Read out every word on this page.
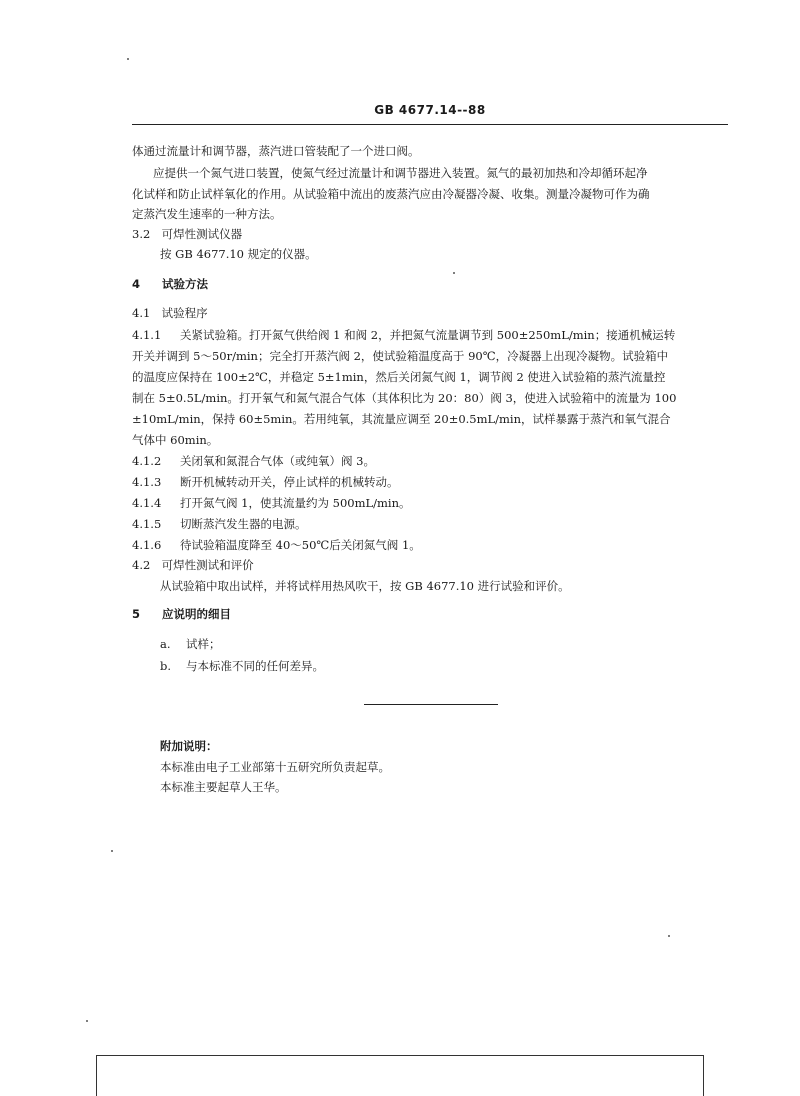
GB 4677.14--88
体通过流量计和调节器，蒸汽进口管装配了一个进口阀。
应提供一个氮气进口装置，使氮气经过流量计和调节器进入装置。氮气的最初加热和冷却循环起净
化试样和防止试样氧化的作用。从试验箱中流出的废蒸汽应由冷凝器冷凝、收集。测量冷凝物可作为确
定蒸汽发生速率的一种方法。
3.2 可焊性测试仪器
按 GB 4677.10 规定的仪器。
4 试验方法
4.1 试验程序
4.1.1 关紧试验箱。打开氮气供给阀 1 和阀 2，并把氮气流量调节到 500±250mL/min；接通机械运转
开关并调到 5～50r/min；完全打开蒸汽阀 2，使试验箱温度高于 90℃，冷凝器上出现冷凝物。试验箱中
的温度应保持在 100±2℃，并稳定 5±1min，然后关闭氮气阀 1，调节阀 2 使进入试验箱的蒸汽流量控
制在 5±0.5L/min。打开氧气和氮气混合气体（其体积比为 20：80）阀 3，使进入试验箱中的流量为 100
±10mL/min，保持 60±5min。若用纯氧，其流量应调至 20±0.5mL/min，试样暴露于蒸汽和氧气混合
气体中 60min。
4.1.2 关闭氧和氮混合气体（或纯氧）阀 3。
4.1.3 断开机械转动开关，停止试样的机械转动。
4.1.4 打开氮气阀 1，使其流量约为 500mL/min。
4.1.5 切断蒸汽发生器的电源。
4.1.6 待试验箱温度降至 40～50℃后关闭氮气阀 1。
4.2 可焊性测试和评价
从试验箱中取出试样，并将试样用热风吹干，按 GB 4677.10 进行试验和评价。
5 应说明的细目
a. 试样；
b. 与本标准不同的任何差异。
附加说明：
本标准由电子工业部第十五研究所负责起草。
本标准主要起草人王华。
